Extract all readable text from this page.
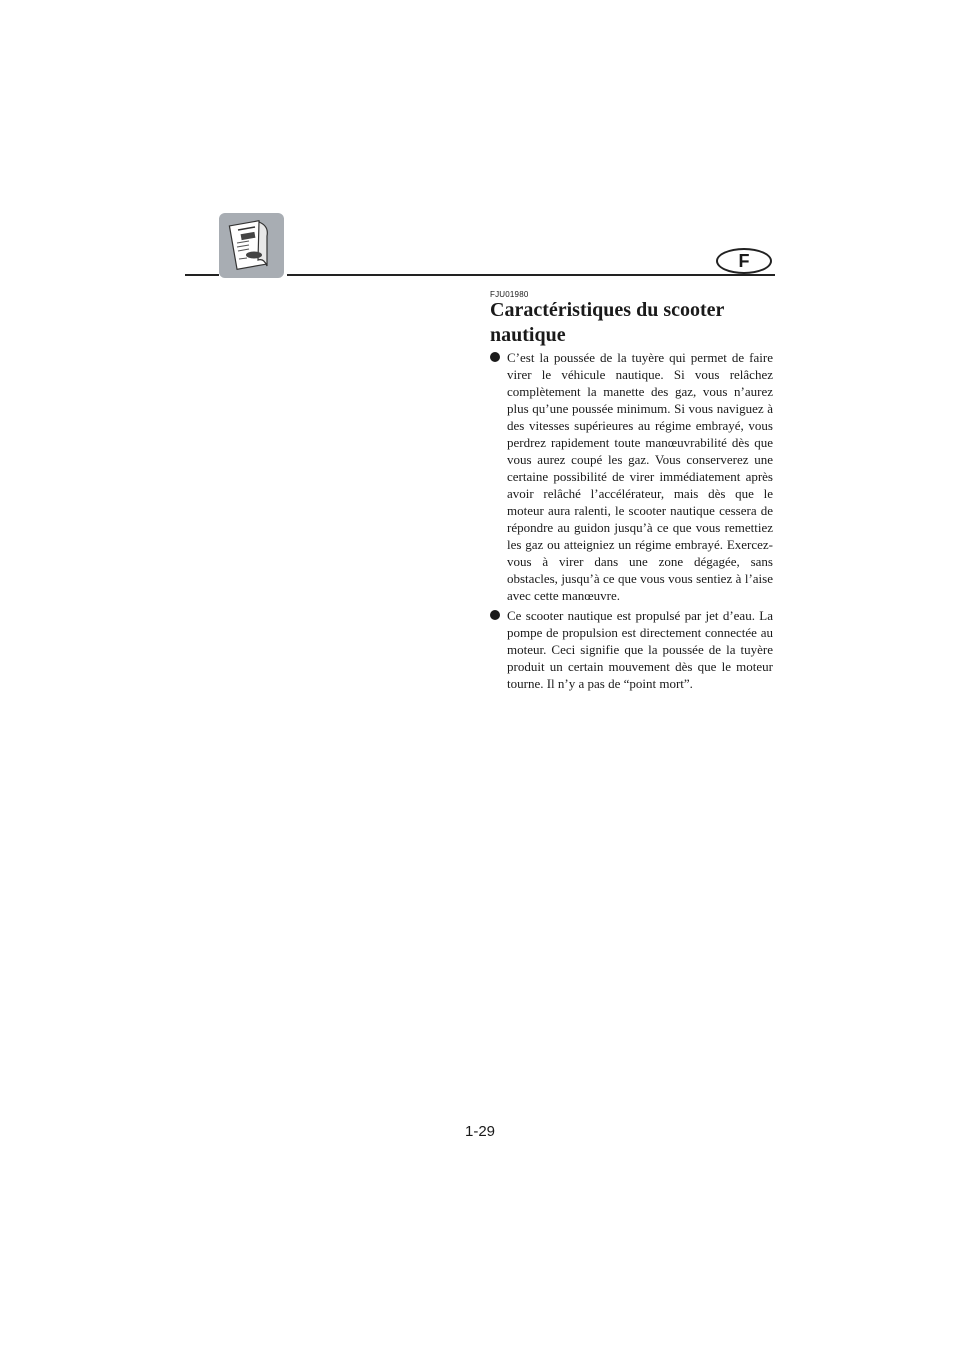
F
FJU01980
Caractéristiques du scooter nautique
C’est la poussée de la tuyère qui permet de faire virer le véhicule nautique. Si vous relâchez complètement la manette des gaz, vous n’aurez plus qu’une poussée minimum. Si vous naviguez à des vitesses supérieures au régime embrayé, vous perdrez rapidement toute manœuvrabilité dès que vous aurez coupé les gaz. Vous conserverez une certaine possibilité de virer immédiatement après avoir relâché l’accélérateur, mais dès que le moteur aura ralenti, le scooter nautique cessera de répondre au guidon jusqu’à ce que vous remettiez les gaz ou atteigniez un régime embrayé. Exercez-vous à virer dans une zone dégagée, sans obstacles, jusqu’à ce que vous vous sentiez à l’aise avec cette manœuvre.
Ce scooter nautique est propulsé par jet d’eau. La pompe de propulsion est directement connectée au moteur. Ceci signifie que la poussée de la tuyère produit un certain mouvement dès que le moteur tourne. Il n’y a pas de “point mort”.
1-29
